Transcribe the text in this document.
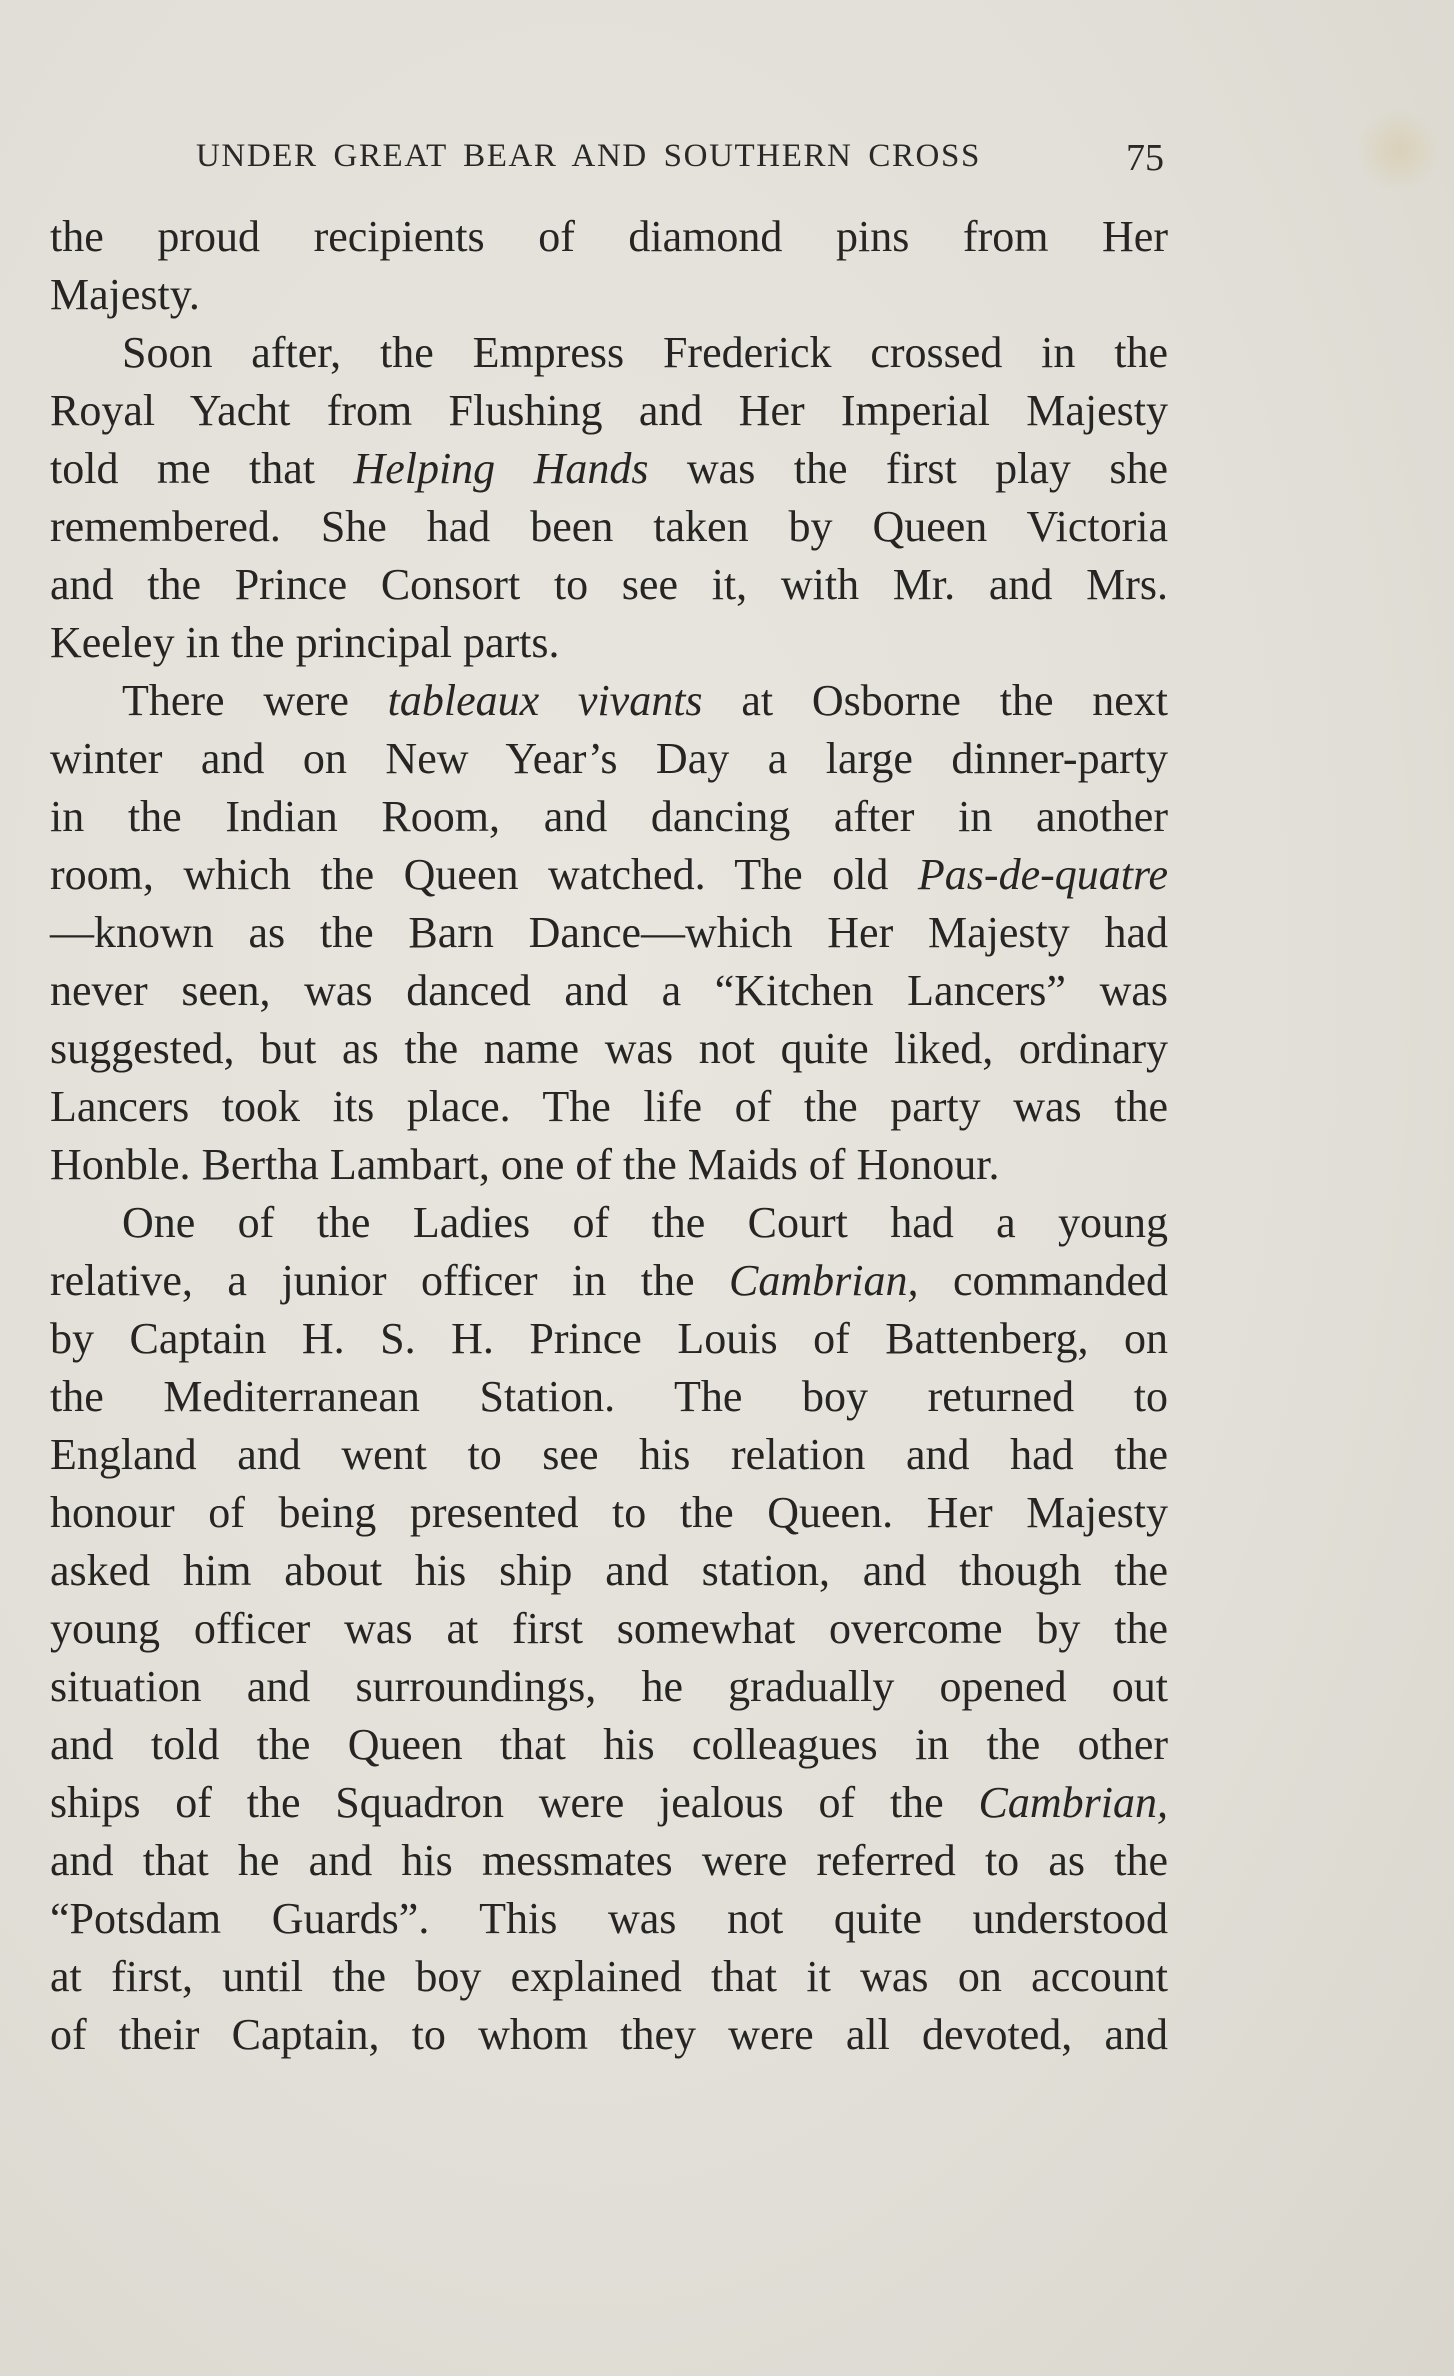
UNDER GREAT BEAR AND SOUTHERN CROSS	75
the proud recipients of diamond pins from Her
Majesty.
Soon after, the Empress Frederick crossed in the
Royal Yacht from Flushing and Her Imperial Majesty
told me that Helping Hands was the first play she
remembered. She had been taken by Queen Victoria
and the Prince Consort to see it, with Mr. and Mrs.
Keeley in the principal parts.
There were tableaux vivants at Osborne the next
winter and on New Year’s Day a large dinner-party
in the Indian Room, and dancing after in another
room, which the Queen watched. The old Pas-de-quatre
—known as the Barn Dance—which Her Majesty had
never seen, was danced and a “Kitchen Lancers” was
suggested, but as the name was not quite liked, ordinary
Lancers took its place. The life of the party was the
Honble. Bertha Lambart, one of the Maids of Honour.
One of the Ladies of the Court had a young
relative, a junior officer in the Cambrian, commanded
by Captain H. S. H. Prince Louis of Battenberg, on
the Mediterranean Station. The boy returned to
England and went to see his relation and had the
honour of being presented to the Queen. Her Majesty
asked him about his ship and station, and though the
young officer was at first somewhat overcome by the
situation and surroundings, he gradually opened out
and told the Queen that his colleagues in the other
ships of the Squadron were jealous of the Cambrian,
and that he and his messmates were referred to as the
“Potsdam Guards”. This was not quite understood
at first, until the boy explained that it was on account
of their Captain, to whom they were all devoted, and
